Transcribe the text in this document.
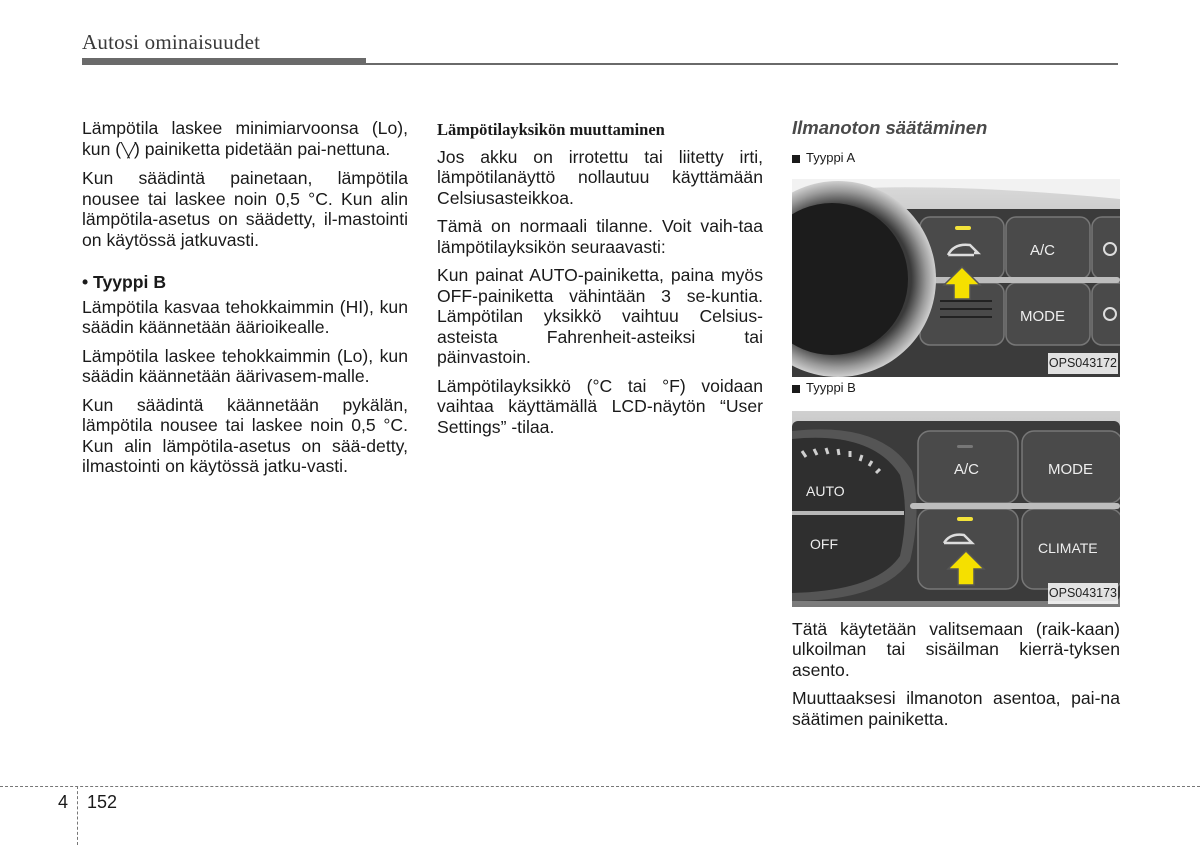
Autosi ominaisuudet

Lämpötila laskee minimiarvoonsa (Lo), kun (╲╱) painiketta pidetään pai-nettuna.

Kun säädintä painetaan, lämpötila nousee tai laskee noin 0,5 °C. Kun alin lämpötila-asetus on säädetty, il-mastointi on käytössä jatkuvasti.

• Tyyppi B

Lämpötila kasvaa tehokkaimmin (HI), kun säädin käännetään äärioikealle.

Lämpötila laskee tehokkaimmin (Lo), kun säädin käännetään äärivasem-malle.

Kun säädintä käännetään pykälän, lämpötila nousee tai laskee noin 0,5 °C. Kun alin lämpötila-asetus on sää-detty, ilmastointi on käytössä jatku-vasti.

Lämpötilayksikön muuttaminen

Jos akku on irrotettu tai liitetty irti, lämpötilanäyttö nollautuu käyttämään Celsiusasteikkoa.

Tämä on normaali tilanne. Voit vaih-taa lämpötilayksikön seuraavasti:

Kun painat AUTO-painiketta, paina myös OFF-painiketta vähintään 3 se-kuntia. Lämpötilan yksikkö vaihtuu Celsius-asteista Fahrenheit-asteiksi tai päinvastoin.

Lämpötilayksikkö (°C tai °F) voidaan vaihtaa käyttämällä LCD-näytön “User Settings” -tilaa.

Ilmanoton säätäminen
Tyyppi A
A/C
MODE
OPS043172
Tyyppi B
AUTO
OFF
A/C	MODE
CLIMATE
OPS043173

Tätä käytetään valitsemaan (raik-kaan) ulkoilman tai sisäilman kierrä-tyksen asento.

Muuttaaksesi ilmanoton asentoa, pai-na säätimen painiketta.

4 152
